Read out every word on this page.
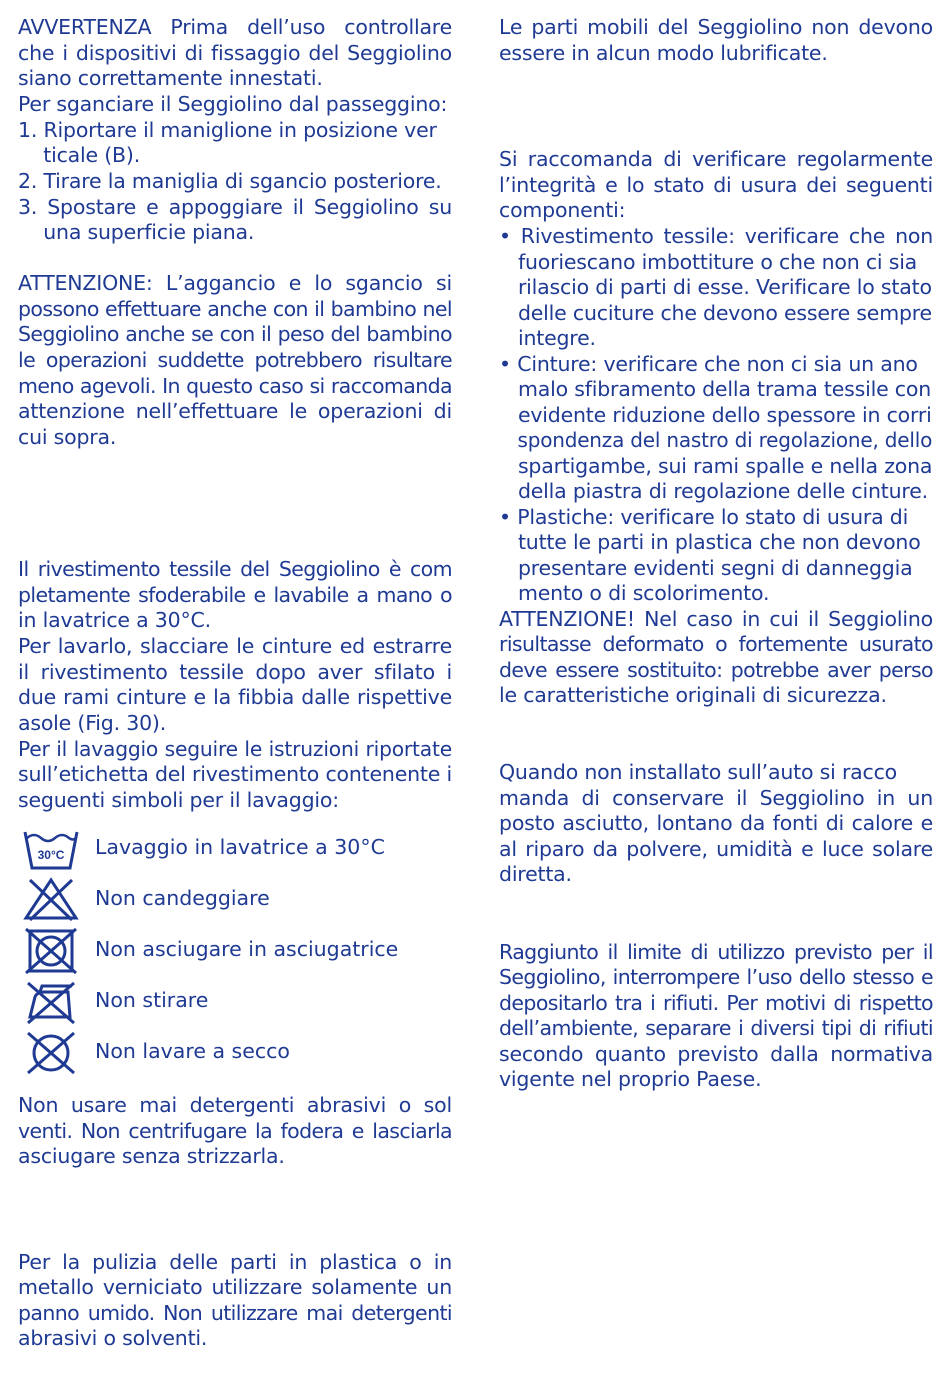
AVVERTENZA Prima dell’uso controllare
che i dispositivi di fissaggio del Seggiolino
siano correttamente innestati.
Per sganciare il Seggiolino dal passeggino:
1. Riportare il maniglione in posizione ver
ticale (B).
2. Tirare la maniglia di sgancio posteriore.
3. Spostare e appoggiare il Seggiolino su
una superficie piana.
ATTENZIONE: L’aggancio e lo sgancio si
possono effettuare anche con il bambino nel
Seggiolino anche se con il peso del bambino
le operazioni suddette potrebbero risultare
meno agevoli. In questo caso si raccomanda
attenzione nell’effettuare le operazioni di
cui sopra.
Il rivestimento tessile del Seggiolino è com
pletamente sfoderabile e lavabile a mano o
in lavatrice a 30°C.
Per lavarlo, slacciare le cinture ed estrarre
il rivestimento tessile dopo aver sfilato i
due rami cinture e la fibbia dalle rispettive
asole (Fig. 30).
Per il lavaggio seguire le istruzioni riportate
sull’etichetta del rivestimento contenente i
seguenti simboli per il lavaggio:
30°C Lavaggio in lavatrice a 30°C
Non candeggiare
Non asciugare in asciugatrice
Non stirare
Non lavare a secco
Non usare mai detergenti abrasivi o sol
venti. Non centrifugare la fodera e lasciarla
asciugare senza strizzarla.
Per la pulizia delle parti in plastica o in
metallo verniciato utilizzare solamente un
panno umido. Non utilizzare mai detergenti
abrasivi o solventi.
Le parti mobili del Seggiolino non devono
essere in alcun modo lubrificate.
Si raccomanda di verificare regolarmente
l’integrità e lo stato di usura dei seguenti
componenti:
• Rivestimento tessile: verificare che non
fuoriescano imbottiture o che non ci sia
rilascio di parti di esse. Verificare lo stato
delle cuciture che devono essere sempre
integre.
• Cinture: verificare che non ci sia un ano
malo sfibramento della trama tessile con
evidente riduzione dello spessore in corri
spondenza del nastro di regolazione, dello
spartigambe, sui rami spalle e nella zona
della piastra di regolazione delle cinture.
• Plastiche: verificare lo stato di usura di
tutte le parti in plastica che non devono
presentare evidenti segni di danneggia
mento o di scolorimento.
ATTENZIONE! Nel caso in cui il Seggiolino
risultasse deformato o fortemente usurato
deve essere sostituito: potrebbe aver perso
le caratteristiche originali di sicurezza.
Quando non installato sull’auto si racco
manda di conservare il Seggiolino in un
posto asciutto, lontano da fonti di calore e
al riparo da polvere, umidità e luce solare
diretta.
Raggiunto il limite di utilizzo previsto per il
Seggiolino, interrompere l’uso dello stesso e
depositarlo tra i rifiuti. Per motivi di rispetto
dell’ambiente, separare i diversi tipi di rifiuti
secondo quanto previsto dalla normativa
vigente nel proprio Paese.
